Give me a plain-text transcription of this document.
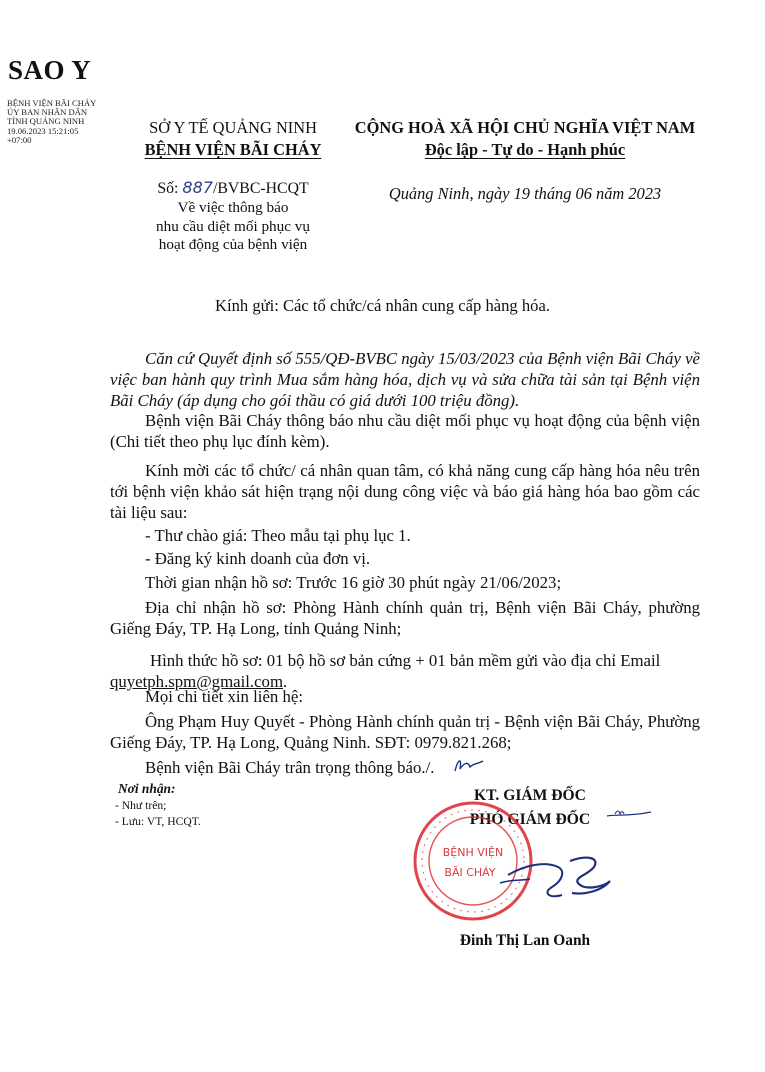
SAO Y
BỆNH VIỆN BÃI CHÁY
ỦY BAN NHÂN DÂN
TỈNH QUẢNG NINH
19.06.2023 15:21:05
+07:00
SỞ Y TẾ QUẢNG NINH
BỆNH VIỆN BÃI CHÁY
CỘNG HOÀ XÃ HỘI CHỦ NGHĨA VIỆT NAM
Độc lập - Tự do - Hạnh phúc
Số: 887/BVBC-HCQT
Về việc thông báo
nhu cầu diệt mối phục vụ
hoạt động của bệnh viện
Quảng Ninh, ngày 19 tháng 06 năm 2023
Kính gửi: Các tổ chức/cá nhân cung cấp hàng hóa.
Căn cứ Quyết định số 555/QĐ-BVBC ngày 15/03/2023 của Bệnh viện Bãi Cháy về việc ban hành quy trình Mua sắm hàng hóa, dịch vụ và sửa chữa tài sản tại Bệnh viện Bãi Cháy (áp dụng cho gói thầu có giá dưới 100 triệu đồng).
Bệnh viện Bãi Cháy thông báo nhu cầu diệt mối phục vụ hoạt động của bệnh viện (Chi tiết theo phụ lục đính kèm).
Kính mời các tổ chức/ cá nhân quan tâm, có khả năng cung cấp hàng hóa nêu trên tới bệnh viện khảo sát hiện trạng nội dung công việc và báo giá hàng hóa bao gồm các tài liệu sau:
- Thư chào giá: Theo mẫu tại phụ lục 1.
- Đăng ký kinh doanh của đơn vị.
Thời gian nhận hồ sơ: Trước 16 giờ 30 phút ngày 21/06/2023;
Địa chỉ nhận hồ sơ: Phòng Hành chính quản trị, Bệnh viện Bãi Cháy, phường Giếng Đáy, TP. Hạ Long, tỉnh Quảng Ninh;
Hình thức hồ sơ: 01 bộ hồ sơ bản cứng + 01 bản mềm gửi vào địa chỉ Email quyetph.spm@gmail.com.
Mọi chi tiết xin liên hệ:
Ông Phạm Huy Quyết - Phòng Hành chính quản trị - Bệnh viện Bãi Cháy, Phường Giếng Đáy, TP. Hạ Long, Quảng Ninh. SĐT: 0979.821.268;
Bệnh viện Bãi Cháy trân trọng thông báo./.
Nơi nhận:
- Như trên;
- Lưu: VT, HCQT.
KT. GIÁM ĐỐC
PHÓ GIÁM ĐỐC
BỆNH VIỆN
BÃI CHÁY
Đinh Thị Lan Oanh
